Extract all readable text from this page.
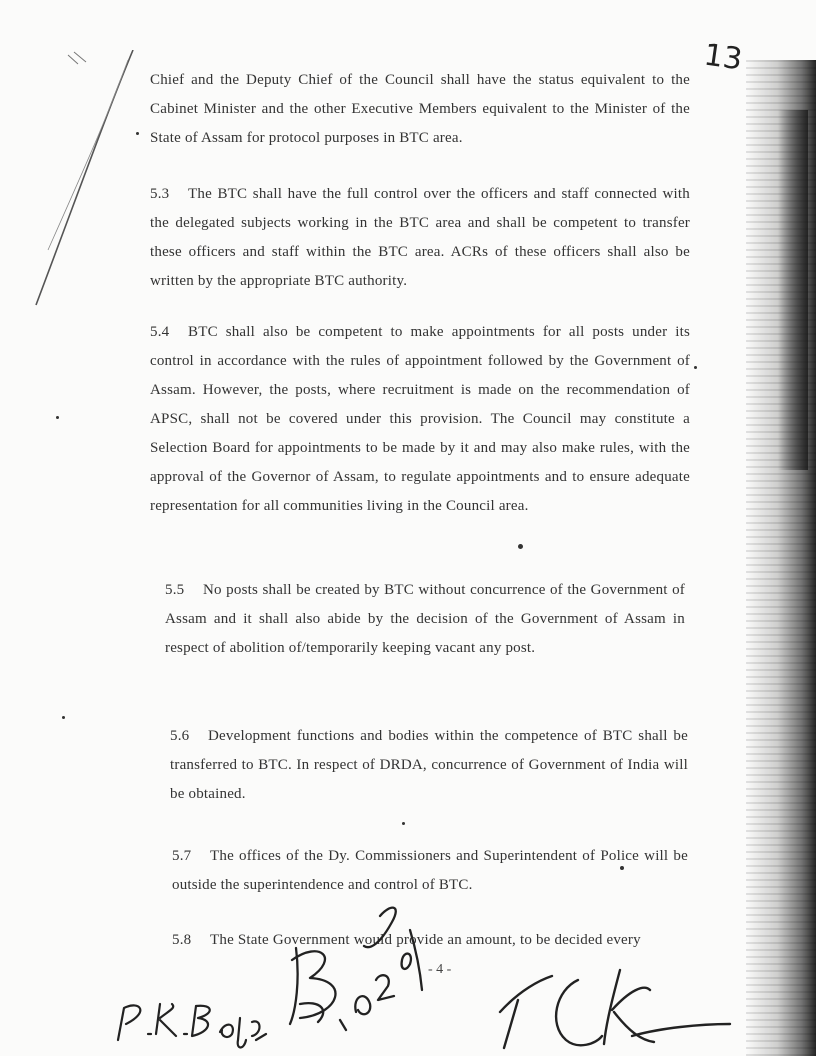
13

Chief and the Deputy Chief of the Council shall have the status equivalent to the Cabinet Minister and the other Executive Members equivalent to the Minister of the State of Assam for protocol purposes in BTC area.

5.3 The BTC shall have the full control over the officers and staff connected with the delegated subjects working in the BTC area and shall be competent to transfer these officers and staff within the BTC area. ACRs of these officers shall also be written by the appropriate BTC authority.

5.4 BTC shall also be competent to make appointments for all posts under its control in accordance with the rules of appointment followed by the Government of Assam. However, the posts, where recruitment is made on the recommendation of APSC, shall not be covered under this provision. The Council may constitute a Selection Board for appointments to be made by it and may also make rules, with the approval of the Governor of Assam, to regulate appointments and to ensure adequate representation for all communities living in the Council area.

5.5 No posts shall be created by BTC without concurrence of the Government of Assam and it shall also abide by the decision of the Government of Assam in respect of abolition of/temporarily keeping vacant any post.

5.6 Development functions and bodies within the competence of BTC shall be transferred to BTC. In respect of DRDA, concurrence of Government of India will be obtained.

5.7 The offices of the Dy. Commissioners and Superintendent of Police will be outside the superintendence and control of BTC.

5.8 The State Government would provide an amount, to be decided every

- 4 -
